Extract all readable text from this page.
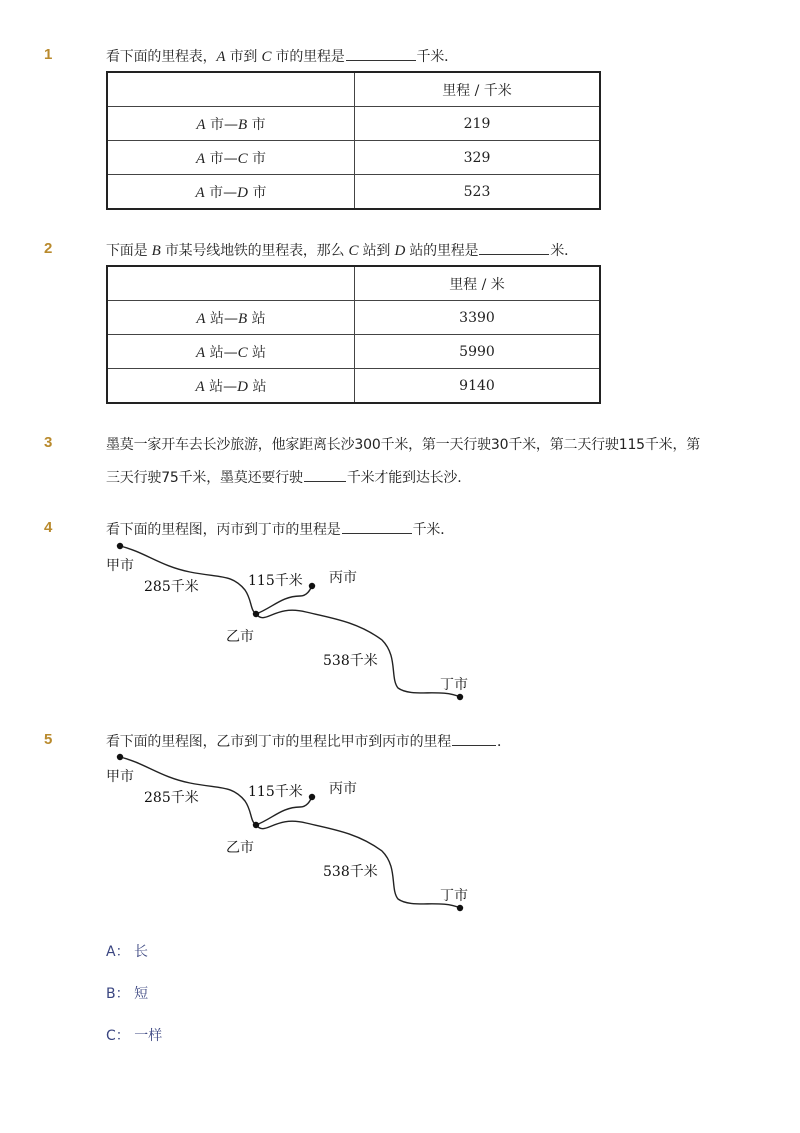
1	看下面的里程表，A 市到 C 市的里程是	千米．
	里程 / 千米
A 市—B 市	219
A 市—C 市	329
A 市—D 市	523
2	下面是 B 市某号线地铁的里程表，那么 C 站到 D 站的里程是	米．
	里程 / 米
A 站—B 站	3390
A 站—C 站	5990
A 站—D 站	9140
3	墨莫一家开车去长沙旅游，他家距离长沙300千米，第一天行驶30千米，第二天行驶115千米，第
三天行驶75千米，墨莫还要行驶	千米才能到达长沙.
4	看下面的里程图，丙市到丁市的里程是	千米．
甲市
乙市
丙市
丁市
285千米	115千米
538千米
5	看下面的里程图，乙市到丁市的里程比甲市到丙市的里程	．
甲市
乙市
丙市
丁市
285千米	115千米
538千米
A： 长
B： 短
C： 一样
